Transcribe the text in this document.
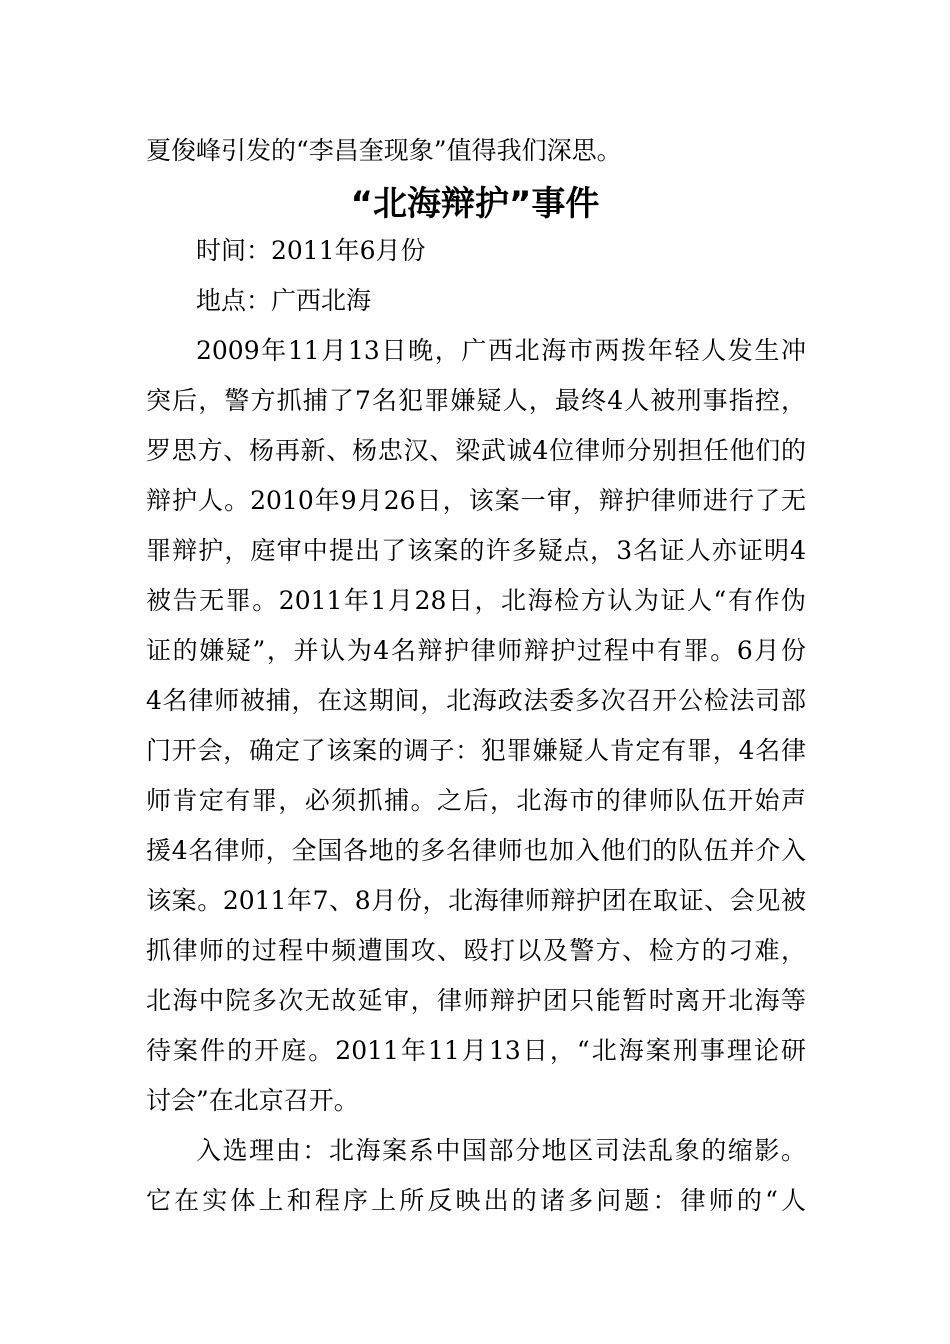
夏俊峰引发的“李昌奎现象”值得我们深思。
“北海辩护”事件
时间：2011年6月份
地点：广西北海
2009年11月13日晚，广西北海市两拨年轻人发生冲
突后，警方抓捕了7名犯罪嫌疑人，最终4人被刑事指控，
罗思方、杨再新、杨忠汉、梁武诚4位律师分别担任他们的
辩护人。2010年9月26日，该案一审，辩护律师进行了无
罪辩护，庭审中提出了该案的许多疑点，3名证人亦证明4
被告无罪。2011年1月28日，北海检方认为证人“有作伪
证的嫌疑”，并认为4名辩护律师辩护过程中有罪。6月份
4名律师被捕，在这期间，北海政法委多次召开公检法司部
门开会，确定了该案的调子：犯罪嫌疑人肯定有罪，4名律
师肯定有罪，必须抓捕。之后，北海市的律师队伍开始声
援4名律师，全国各地的多名律师也加入他们的队伍并介入
该案。2011年7、8月份，北海律师辩护团在取证、会见被
抓律师的过程中频遭围攻、殴打以及警方、检方的刁难，
北海中院多次无故延审，律师辩护团只能暂时离开北海等
待案件的开庭。2011年11月13日，“北海案刑事理论研
讨会”在北京召开。
入选理由：北海案系中国部分地区司法乱象的缩影。
它在实体上和程序上所反映出的诸多问题：律师的“人
